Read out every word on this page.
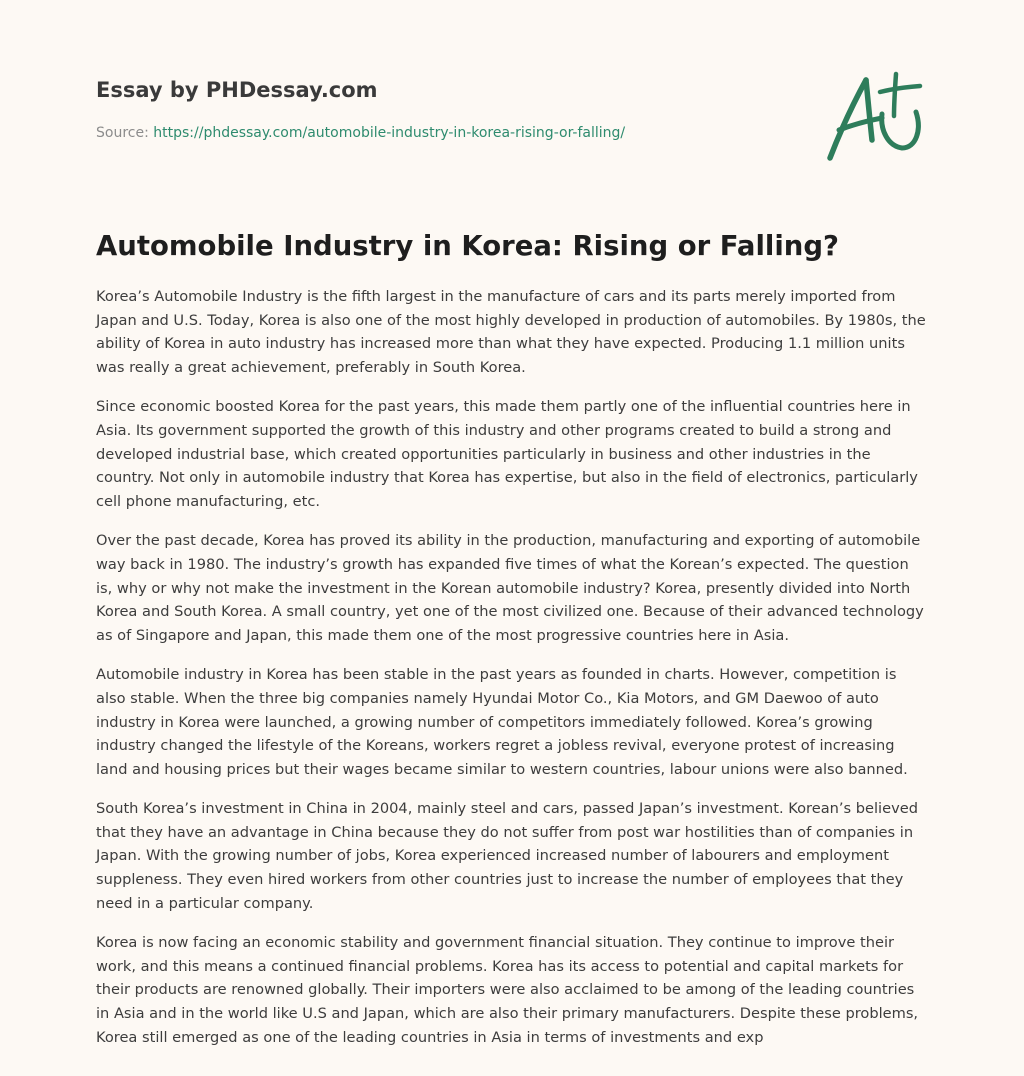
Essay by PHDessay.com
Source: https://phdessay.com/automobile-industry-in-korea-rising-or-falling/
Automobile Industry in Korea: Rising or Falling?

Korea’s Automobile Industry is the fifth largest in the manufacture of cars and its parts merely imported from Japan and U.S. Today, Korea is also one of the most highly developed in production of automobiles. By 1980s, the ability of Korea in auto industry has increased more than what they have expected. Producing 1.1 million units was really a great achievement, preferably in South Korea.

Since economic boosted Korea for the past years, this made them partly one of the influential countries here in Asia. Its government supported the growth of this industry and other programs created to build a strong and developed industrial base, which created opportunities particularly in business and other industries in the country. Not only in automobile industry that Korea has expertise, but also in the field of electronics, particularly cell phone manufacturing, etc.

Over the past decade, Korea has proved its ability in the production, manufacturing and exporting of automobile way back in 1980. The industry’s growth has expanded five times of what the Korean’s expected. The question is, why or why not make the investment in the Korean automobile industry? Korea, presently divided into North Korea and South Korea. A small country, yet one of the most civilized one. Because of their advanced technology as of Singapore and Japan, this made them one of the most progressive countries here in Asia.

Automobile industry in Korea has been stable in the past years as founded in charts. However, competition is also stable. When the three big companies namely Hyundai Motor Co., Kia Motors, and GM Daewoo of auto industry in Korea were launched, a growing number of competitors immediately followed. Korea’s growing industry changed the lifestyle of the Koreans, workers regret a jobless revival, everyone protest of increasing land and housing prices but their wages became similar to western countries, labour unions were also banned.

South Korea’s investment in China in 2004, mainly steel and cars, passed Japan’s investment. Korean’s believed that they have an advantage in China because they do not suffer from post war hostilities than of companies in Japan. With the growing number of jobs, Korea experienced increased number of labourers and employment suppleness. They even hired workers from other countries just to increase the number of employees that they need in a particular company.

Korea is now facing an economic stability and government financial situation. They continue to improve their work, and this means a continued financial problems. Korea has its access to potential and capital markets for their products are renowned globally. Their importers were also acclaimed to be among of the leading countries in Asia and in the world like U.S and Japan, which are also their primary manufacturers. Despite these problems, Korea still emerged as one of the leading countries in Asia in terms of investments and exp
